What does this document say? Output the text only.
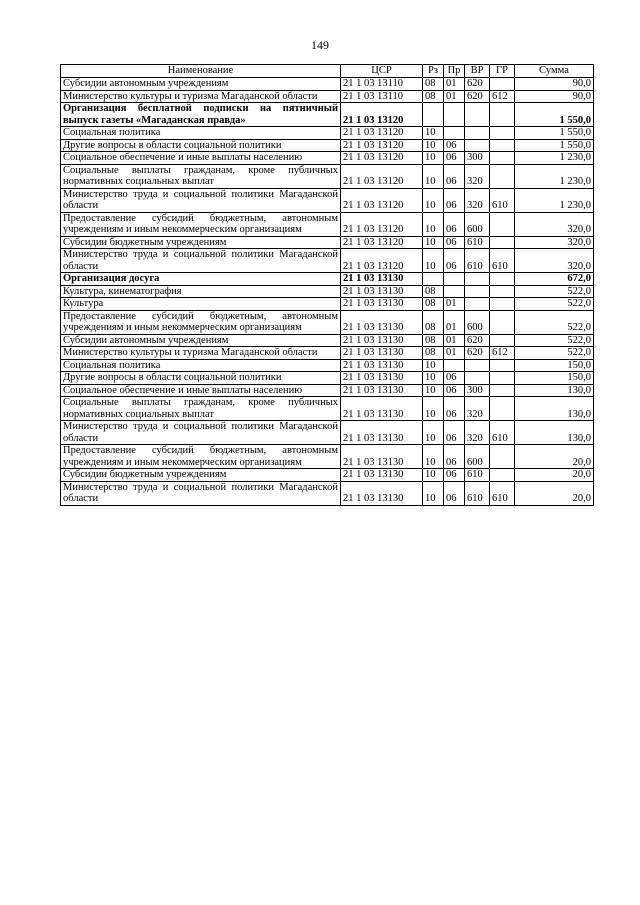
149
Наименование	ЦСР	Рз	Пр	ВР	ГР	Сумма
Субсидии автономным учреждениям	21 1 03 13110	08	01	620		90,0
Министерство культуры и туризма Магаданской области	21 1 03 13110	08	01	620	612	90,0
Организация бесплатной подписки на пятничный выпуск газеты «Магаданская правда»	21 1 03 13120					1 550,0
Социальная политика	21 1 03 13120	10				1 550,0
Другие вопросы в области социальной политики	21 1 03 13120	10	06			1 550,0
Социальное обеспечение и иные выплаты населению	21 1 03 13120	10	06	300		1 230,0
Социальные выплаты гражданам, кроме публичных нормативных социальных выплат	21 1 03 13120	10	06	320		1 230,0
Министерство труда и социальной политики Магаданской области	21 1 03 13120	10	06	320	610	1 230,0
Предоставление субсидий бюджетным, автономным учреждениям и иным некоммерческим организациям	21 1 03 13120	10	06	600		320,0
Субсидии бюджетным учреждениям	21 1 03 13120	10	06	610		320,0
Министерство труда и социальной политики Магаданской области	21 1 03 13120	10	06	610	610	320,0
Организация досуга	21 1 03 13130					672,0
Культура, кинематография	21 1 03 13130	08				522,0
Культура	21 1 03 13130	08	01			522,0
Предоставление субсидий бюджетным, автономным учреждениям и иным некоммерческим организациям	21 1 03 13130	08	01	600		522,0
Субсидии автономным учреждениям	21 1 03 13130	08	01	620		522,0
Министерство культуры и туризма Магаданской области	21 1 03 13130	08	01	620	612	522,0
Социальная политика	21 1 03 13130	10				150,0
Другие вопросы в области социальной политики	21 1 03 13130	10	06			150,0
Социальное обеспечение и иные выплаты населению	21 1 03 13130	10	06	300		130,0
Социальные выплаты гражданам, кроме публичных нормативных социальных выплат	21 1 03 13130	10	06	320		130,0
Министерство труда и социальной политики Магаданской области	21 1 03 13130	10	06	320	610	130,0
Предоставление субсидий бюджетным, автономным учреждениям и иным некоммерческим организациям	21 1 03 13130	10	06	600		20,0
Субсидии бюджетным учреждениям	21 1 03 13130	10	06	610		20,0
Министерство труда и социальной политики Магаданской области	21 1 03 13130	10	06	610	610	20,0
